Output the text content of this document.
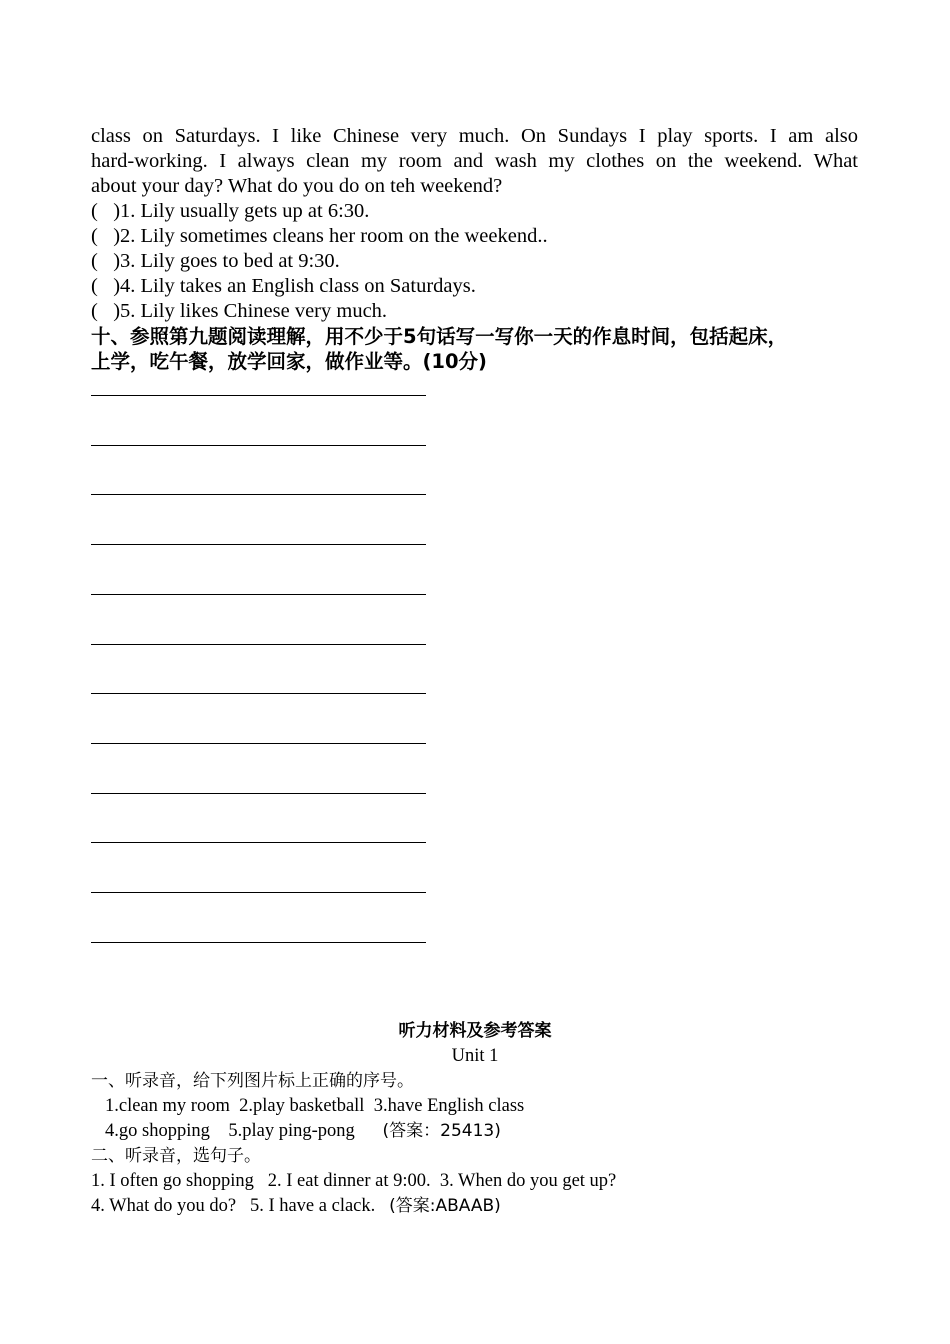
class on Saturdays. I like Chinese very much. On Sundays I play sports. I am also
hard-working. I always clean my room and wash my clothes on the weekend. What
about your day? What do you do on teh weekend?
(   )1. Lily usually gets up at 6:30.
(   )2. Lily sometimes cleans her room on the weekend..
(   )3. Lily goes to bed at 9:30.
(   )4. Lily takes an English class on Saturdays.
(   )5. Lily likes Chinese very much.
十、参照第九题阅读理解，用不少于5句话写一写你一天的作息时间，包括起床，
上学，吃午餐，放学回家，做作业等。(10分)
听力材料及参考答案
Unit 1
一、听录音，给下列图片标上正确的序号。
1.clean my room  2.play basketball  3.have English class
4.go shopping    5.play ping-pong      (答案：25413)
二、听录音，选句子。
1. I often go shopping   2. I eat dinner at 9:00.  3. When do you get up?
4. What do you do?   5. I have a clack.   (答案:ABAAB)
